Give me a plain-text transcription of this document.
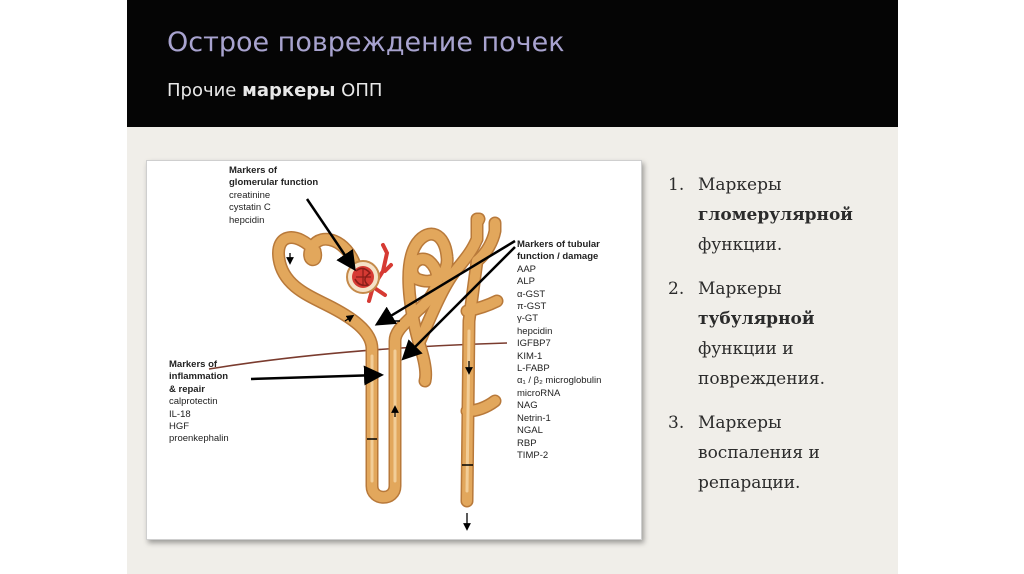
Острое повреждение почек
Прочие маркеры ОПП
Markers of
glomerular function
creatinine
cystatin C
hepcidin
Markers of
inflammation
& repair
calprotectin
IL-18
HGF
proenkephalin
Markers of tubular
function / damage
AAP
ALP
α-GST
π-GST
γ-GT
hepcidin
IGFBP7
KIM-1
L-FABP
α₁ / β₂ microglobulin
microRNA
NAG
Netrin-1
NGAL
RBP
TIMP-2
1. Маркеры
гломерулярной
функции.
2. Маркеры
тубулярной
функции и
повреждения.
3. Маркеры
воспаления и
репарации.
